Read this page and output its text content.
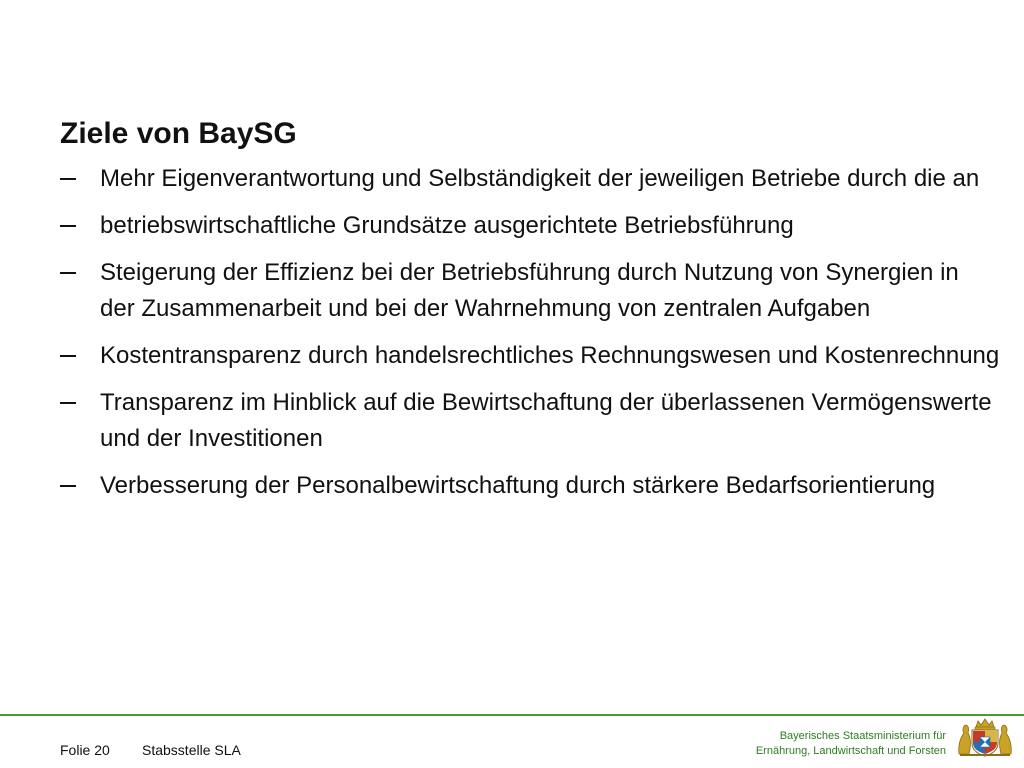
Ziele von BaySG
Mehr Eigenverantwortung und Selbständigkeit der jeweiligen Betriebe durch die an
betriebswirtschaftliche Grundsätze ausgerichtete Betriebsführung
Steigerung der Effizienz bei der Betriebsführung durch Nutzung von Synergien in der Zusammenarbeit und bei der Wahrnehmung von zentralen Aufgaben
Kostentransparenz durch handelsrechtliches Rechnungswesen und Kostenrechnung
Transparenz im Hinblick auf die Bewirtschaftung der überlassenen Vermögenswerte und der Investitionen
Verbesserung der Personalbewirtschaftung durch stärkere Bedarfsorientierung
Folie 20 Stabsstelle SLA
Bayerisches Staatsministerium für
Ernährung, Landwirtschaft und Forsten
